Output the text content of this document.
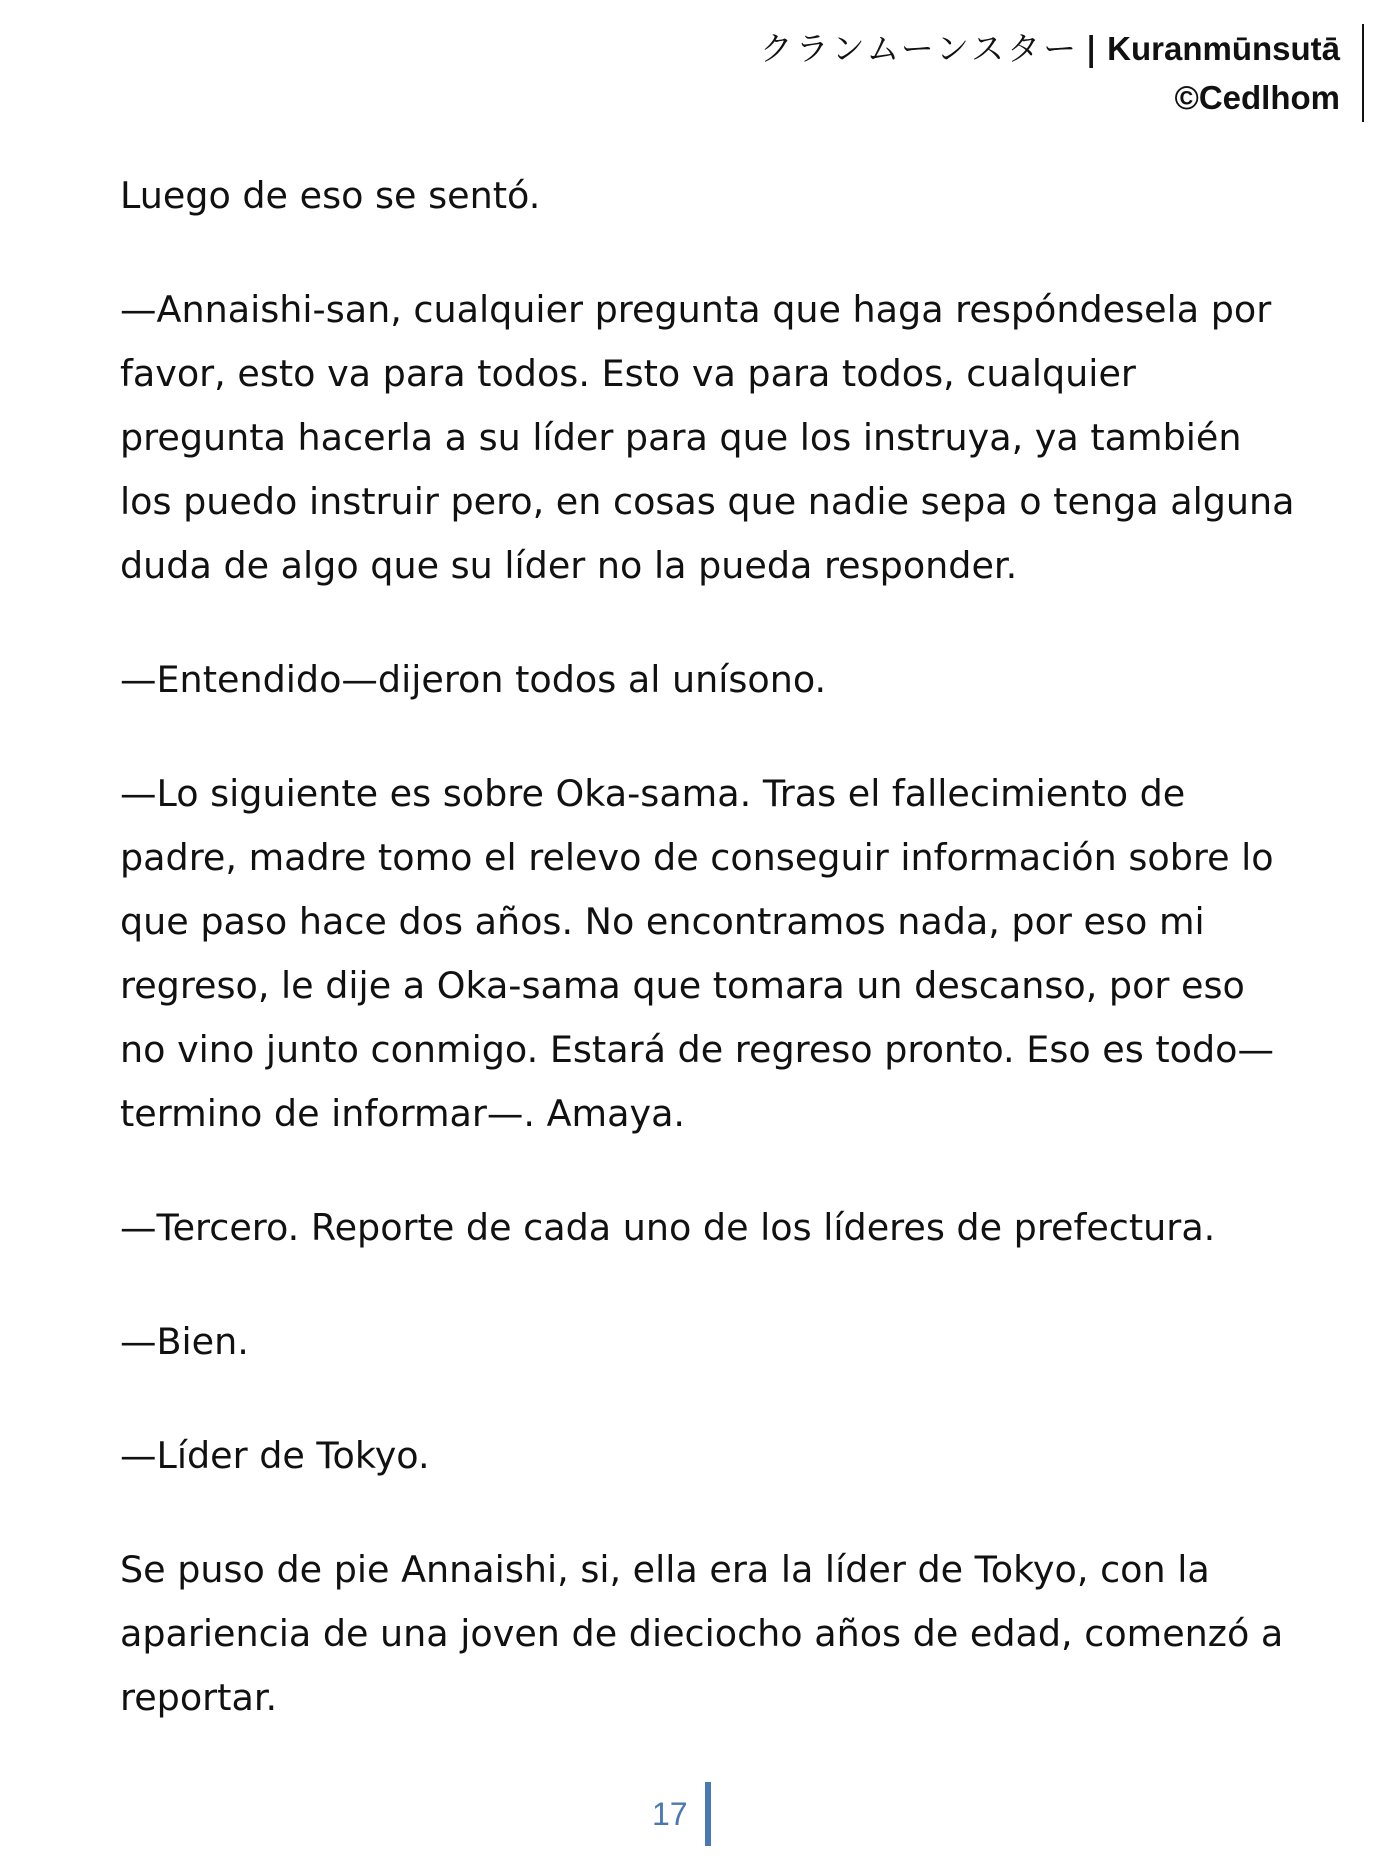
クランムーンスター | Kuranmūnsutā
©Cedlhom

Luego de eso se sentó.

—Annaishi-san, cualquier pregunta que haga respóndesela por favor, esto va para todos. Esto va para todos, cualquier pregunta hacerla a su líder para que los instruya, ya también los puedo instruir pero, en cosas que nadie sepa o tenga alguna duda de algo que su líder no la pueda responder.

—Entendido—dijeron todos al unísono.

—Lo siguiente es sobre Oka-sama. Tras el fallecimiento de padre, madre tomo el relevo de conseguir información sobre lo que paso hace dos años. No encontramos nada, por eso mi regreso, le dije a Oka-sama que tomara un descanso, por eso no vino junto conmigo. Estará de regreso pronto. Eso es todo—termino de informar—. Amaya.

—Tercero. Reporte de cada uno de los líderes de prefectura.

—Bien.

—Líder de Tokyo.

Se puso de pie Annaishi, si, ella era la líder de Tokyo, con la apariencia de una joven de dieciocho años de edad, comenzó a reportar.

17
